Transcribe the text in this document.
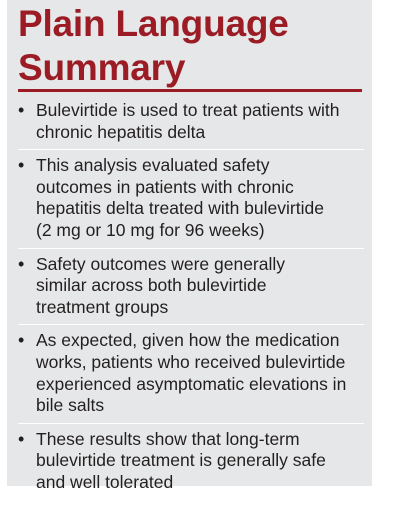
Plain Language
Summary
• Bulevirtide is used to treat patients with
chronic hepatitis delta
• This analysis evaluated safety
outcomes in patients with chronic
hepatitis delta treated with bulevirtide
(2 mg or 10 mg for 96 weeks)
• Safety outcomes were generally
similar across both bulevirtide
treatment groups
• As expected, given how the medication
works, patients who received bulevirtide
experienced asymptomatic elevations in
bile salts
• These results show that long-term
bulevirtide treatment is generally safe
and well tolerated
